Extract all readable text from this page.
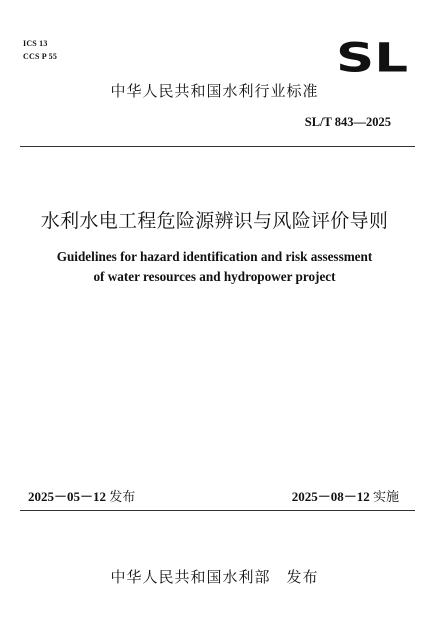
ICS 13
CCS P 55	SL
中华人民共和国水利行业标准
SL/T 843—2025
水利水电工程危险源辨识与风险评价导则
Guidelines for hazard identification and risk assessment
of water resources and hydropower project
2025－05－12 发布	2025－08－12 实施
中华人民共和国水利部　发布
